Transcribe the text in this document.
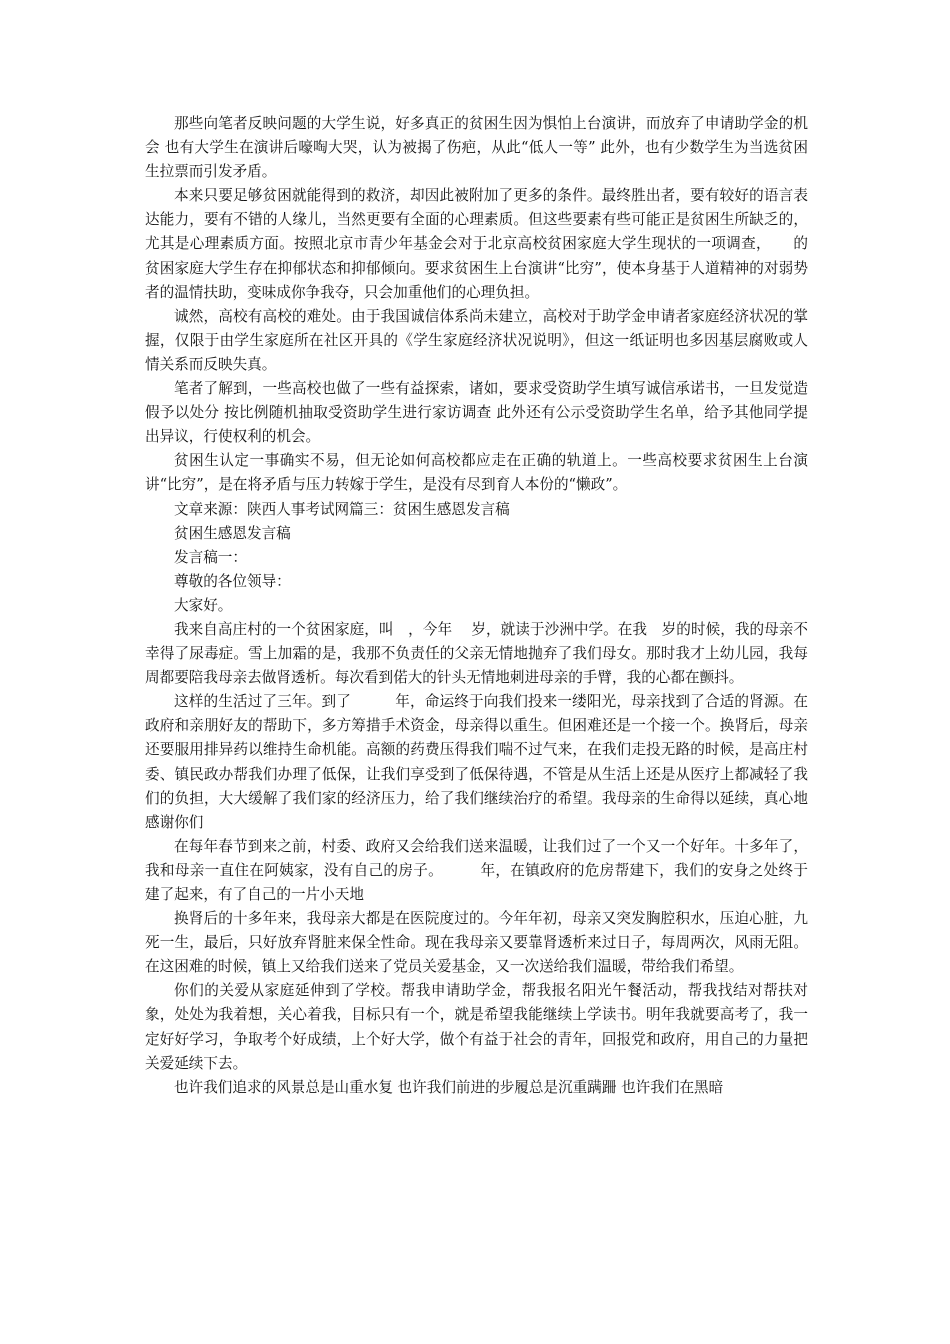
那些向笔者反映问题的大学生说，好多真正的贫困生因为惧怕上台演讲，而放弃了申请助学金的机会 也有大学生在演讲后嚎啕大哭，认为被揭了伤疤，从此“低人一等” 此外，也有少数学生为当选贫困生拉票而引发矛盾。

本来只要足够贫困就能得到的救济，却因此被附加了更多的条件。最终胜出者，要有较好的语言表达能力，要有不错的人缘儿，当然更要有全面的心理素质。但这些要素有些可能正是贫困生所缺乏的，尤其是心理素质方面。按照北京市青少年基金会对于北京高校贫困家庭大学生现状的一项调查，　　的贫困家庭大学生存在抑郁状态和抑郁倾向。要求贫困生上台演讲“比穷”，使本身基于人道精神的对弱势者的温情扶助，变味成你争我夺，只会加重他们的心理负担。

诚然，高校有高校的难处。由于我国诚信体系尚未建立，高校对于助学金申请者家庭经济状况的掌握，仅限于由学生家庭所在社区开具的《学生家庭经济状况说明》，但这一纸证明也多因基层腐败或人情关系而反映失真。

笔者了解到，一些高校也做了一些有益探索，诸如，要求受资助学生填写诚信承诺书，一旦发觉造假予以处分 按比例随机抽取受资助学生进行家访调查 此外还有公示受资助学生名单，给予其他同学提出异议，行使权利的机会。

贫困生认定一事确实不易，但无论如何高校都应走在正确的轨道上。一些高校要求贫困生上台演讲“比穷”，是在将矛盾与压力转嫁于学生，是没有尽到育人本份的“懒政”。

文章来源：陕西人事考试网篇三：贫困生感恩发言稿

贫困生感恩发言稿

发言稿一：

尊敬的各位领导：

大家好。

我来自高庄村的一个贫困家庭，叫　，今年　 岁，就读于沙洲中学。在我　岁的时候，我的母亲不幸得了尿毒症。雪上加霜的是，我那不负责任的父亲无情地抛弃了我们母女。那时我才上幼儿园，我每周都要陪我母亲去做肾透析。每次看到偌大的针头无情地刺进母亲的手臂，我的心都在颤抖。

这样的生活过了三年。到了　　　年，命运终于向我们投来一缕阳光，母亲找到了合适的肾源。在政府和亲朋好友的帮助下，多方筹措手术资金，母亲得以重生。但困难还是一个接一个。换肾后，母亲还要服用排异药以维持生命机能。高额的药费压得我们喘不过气来，在我们走投无路的时候，是高庄村委、镇民政办帮我们办理了低保，让我们享受到了低保待遇，不管是从生活上还是从医疗上都减轻了我们的负担，大大缓解了我们家的经济压力，给了我们继续治疗的希望。我母亲的生命得以延续，真心地感谢你们

在每年春节到来之前，村委、政府又会给我们送来温暖，让我们过了一个又一个好年。十多年了，我和母亲一直住在阿姨家，没有自己的房子。　　　年，在镇政府的危房帮建下，我们的安身之处终于建了起来，有了自己的一片小天地

换肾后的十多年来，我母亲大都是在医院度过的。今年年初，母亲又突发胸腔积水，压迫心脏，九死一生，最后，只好放弃肾脏来保全性命。现在我母亲又要靠肾透析来过日子，每周两次，风雨无阻。在这困难的时候，镇上又给我们送来了党员关爱基金，又一次送给我们温暖，带给我们希望。

你们的关爱从家庭延伸到了学校。帮我申请助学金，帮我报名阳光午餐活动，帮我找结对帮扶对象，处处为我着想，关心着我，目标只有一个，就是希望我能继续上学读书。明年我就要高考了，我一定好好学习，争取考个好成绩，上个好大学，做个有益于社会的青年，回报党和政府，用自己的力量把关爱延续下去。

也许我们追求的风景总是山重水复 也许我们前进的步履总是沉重蹒跚 也许我们在黑暗
